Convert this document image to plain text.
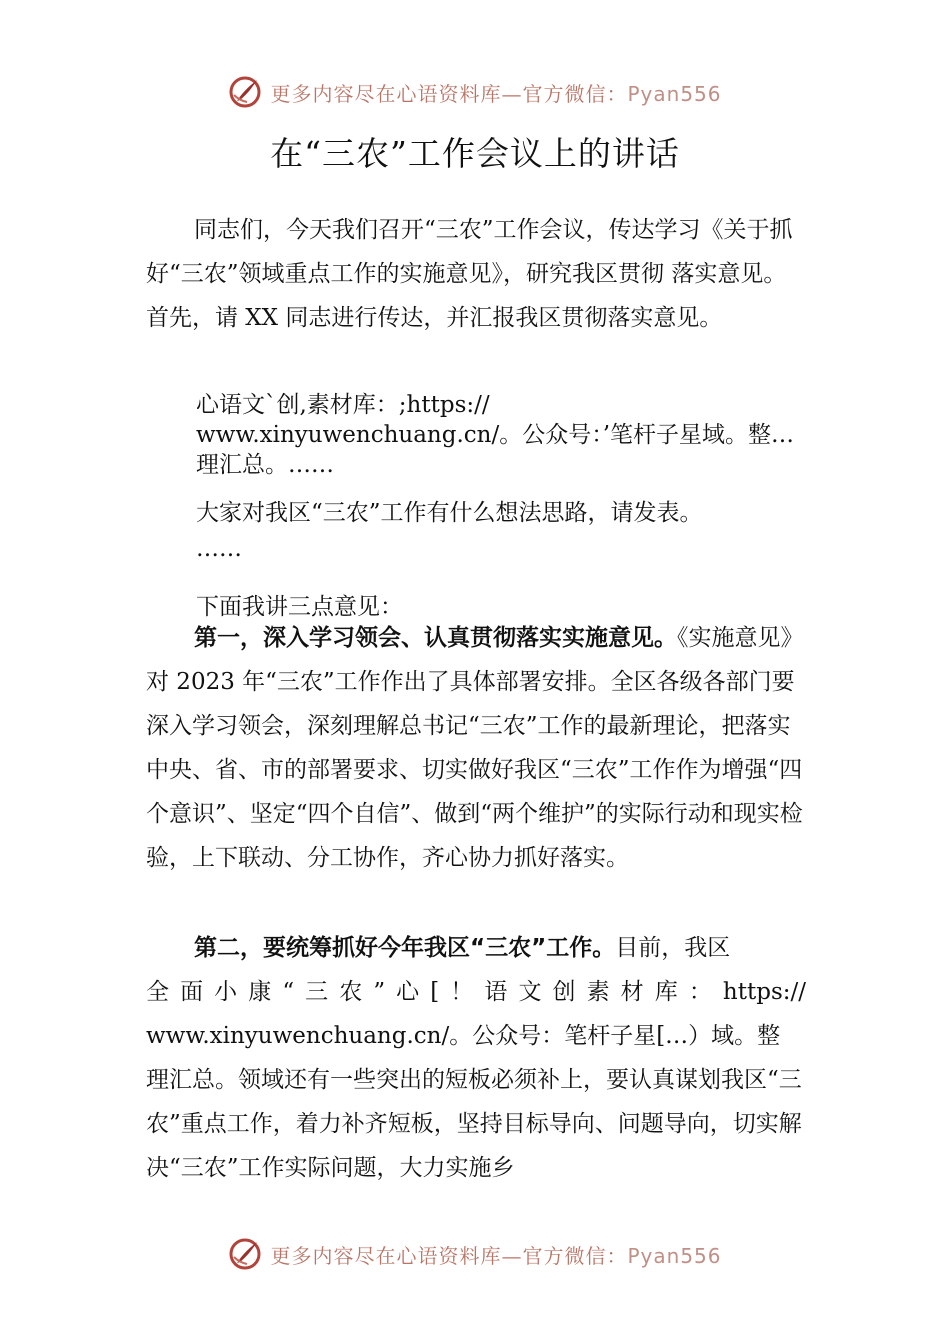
更多内容尽在心语资料库—官方微信：Pyan556
在“三农”工作会议上的讲话

同志们，今天我们召开“三农”工作会议，传达学习《关于抓好“三农”领域重点工作的实施意见》，研究我区贯彻 落实意见。首先，请 XX 同志进行传达，并汇报我区贯彻落实意见。

心语文`创,素材库：;https://
www.xinyuwenchuang.cn/。公众号：’笔杆子星域。整…
理汇总。……
大家对我区“三农”工作有什么想法思路，请发表。
……
下面我讲三点意见：

第一，深入学习领会、认真贯彻落实实施意见。《实施意见》对 2023 年“三农”工作作出了具体部署安排。全区各级各部门要深入学习领会，深刻理解总书记“三农”工作的最新理论，把落实中央、省、市的部署要求、切实做好我区“三农”工作作为增强“四个意识”、坚定“四个自信”、做到“两个维护”的实际行动和现实检验，上下联动、分工协作，齐心协力抓好落实。

第二，要统筹抓好今年我区“三农”工作。目前，我区

全面小康“三农”心[！语文创素材库：https://
www.xinyuwenchuang.cn/。公众号：笔杆子星[…）域。整

理汇总。领域还有一些突出的短板必须补上，要认真谋划我区“三农”重点工作，着力补齐短板，坚持目标导向、问题导向，切实解决“三农”工作实际问题，大力实施乡

更多内容尽在心语资料库—官方微信：Pyan556
